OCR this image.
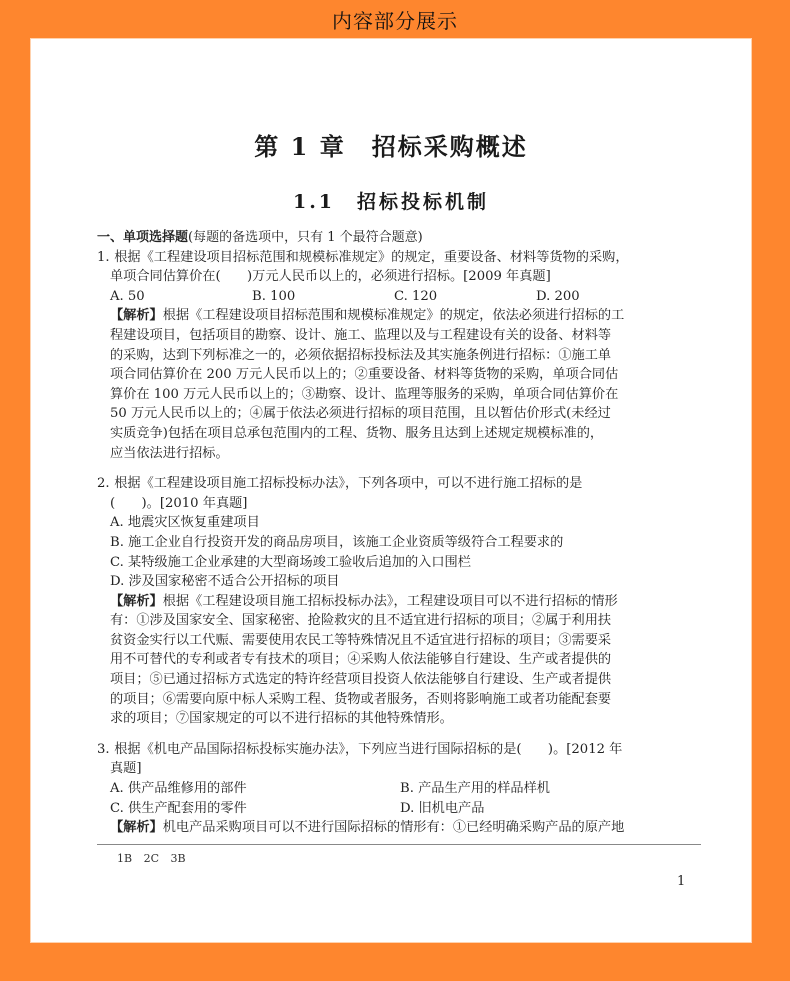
内容部分展示
第 1 章　招标采购概述
1.1　招标投标机制
一、单项选择题(每题的备选项中，只有 1 个最符合题意)
1. 根据《工程建设项目招标范围和规模标准规定》的规定，重要设备、材料等货物的采购，
单项合同估算价在(　　)万元人民币以上的，必须进行招标。[2009 年真题]
A. 50	B. 100	C. 120	D. 200
【解析】根据《工程建设项目招标范围和规模标准规定》的规定，依法必须进行招标的工
程建设项目，包括项目的勘察、设计、施工、监理以及与工程建设有关的设备、材料等
的采购，达到下列标准之一的，必须依据招标投标法及其实施条例进行招标：①施工单
项合同估算价在 200 万元人民币以上的；②重要设备、材料等货物的采购，单项合同估
算价在 100 万元人民币以上的；③勘察、设计、监理等服务的采购，单项合同估算价在
50 万元人民币以上的；④属于依法必须进行招标的项目范围，且以暂估价形式(未经过
实质竞争)包括在项目总承包范围内的工程、货物、服务且达到上述规定规模标准的，
应当依法进行招标。
2. 根据《工程建设项目施工招标投标办法》，下列各项中，可以不进行施工招标的是
(　　)。[2010 年真题]
A. 地震灾区恢复重建项目
B. 施工企业自行投资开发的商品房项目，该施工企业资质等级符合工程要求的
C. 某特级施工企业承建的大型商场竣工验收后追加的入口围栏
D. 涉及国家秘密不适合公开招标的项目
【解析】根据《工程建设项目施工招标投标办法》，工程建设项目可以不进行招标的情形
有：①涉及国家安全、国家秘密、抢险救灾的且不适宜进行招标的项目；②属于利用扶
贫资金实行以工代赈、需要使用农民工等特殊情况且不适宜进行招标的项目；③需要采
用不可替代的专利或者专有技术的项目；④采购人依法能够自行建设、生产或者提供的
项目；⑤已通过招标方式选定的特许经营项目投资人依法能够自行建设、生产或者提供
的项目；⑥需要向原中标人采购工程、货物或者服务，否则将影响施工或者功能配套要
求的项目；⑦国家规定的可以不进行招标的其他特殊情形。
3. 根据《机电产品国际招标投标实施办法》，下列应当进行国际招标的是(　　)。[2012 年
真题]
A. 供产品维修用的部件	B. 产品生产用的样品样机
C. 供生产配套用的零件	D. 旧机电产品
【解析】机电产品采购项目可以不进行国际招标的情形有：①已经明确采购产品的原产地
1B 2C 3B
1
